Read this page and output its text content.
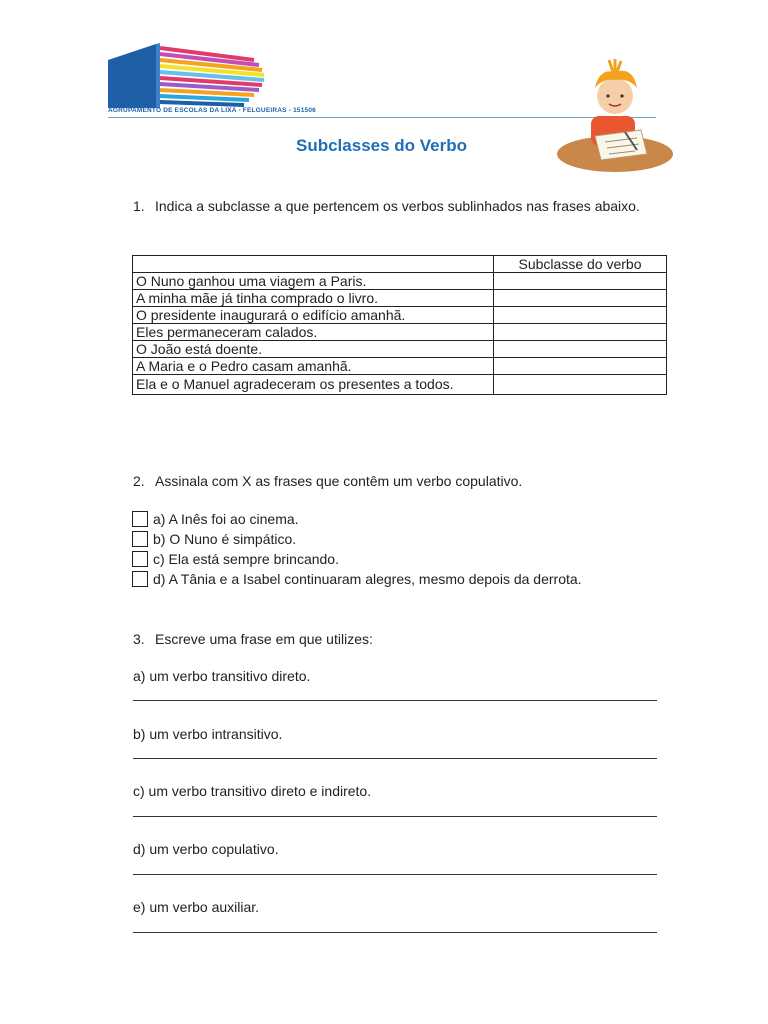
AGRUPAMENTO DE ESCOLAS DA LIXA - FELGUEIRAS - 151506
Subclasses do Verbo
1. Indica a subclasse a que pertencem os verbos sublinhados nas frases abaixo.
	Subclasse do verbo
O Nuno ganhou uma viagem a Paris.	
A minha mãe já tinha comprado o livro.	
O presidente inaugurará o edifício amanhã.	
Eles permaneceram calados.	
O João está doente.	
A Maria e o Pedro casam amanhã.	
Ela e o Manuel agradeceram os presentes a todos.	
2. Assinala com X as frases que contêm um verbo copulativo.
a) A Inês foi ao cinema.
b) O Nuno é simpático.
c) Ela está sempre brincando.
d) A Tânia e a Isabel continuaram alegres, mesmo depois da derrota.
3. Escreve uma frase em que utilizes:
a) um verbo transitivo direto.
b) um verbo intransitivo.
c) um verbo transitivo direto e indireto.
d) um verbo copulativo.
e) um verbo auxiliar.
